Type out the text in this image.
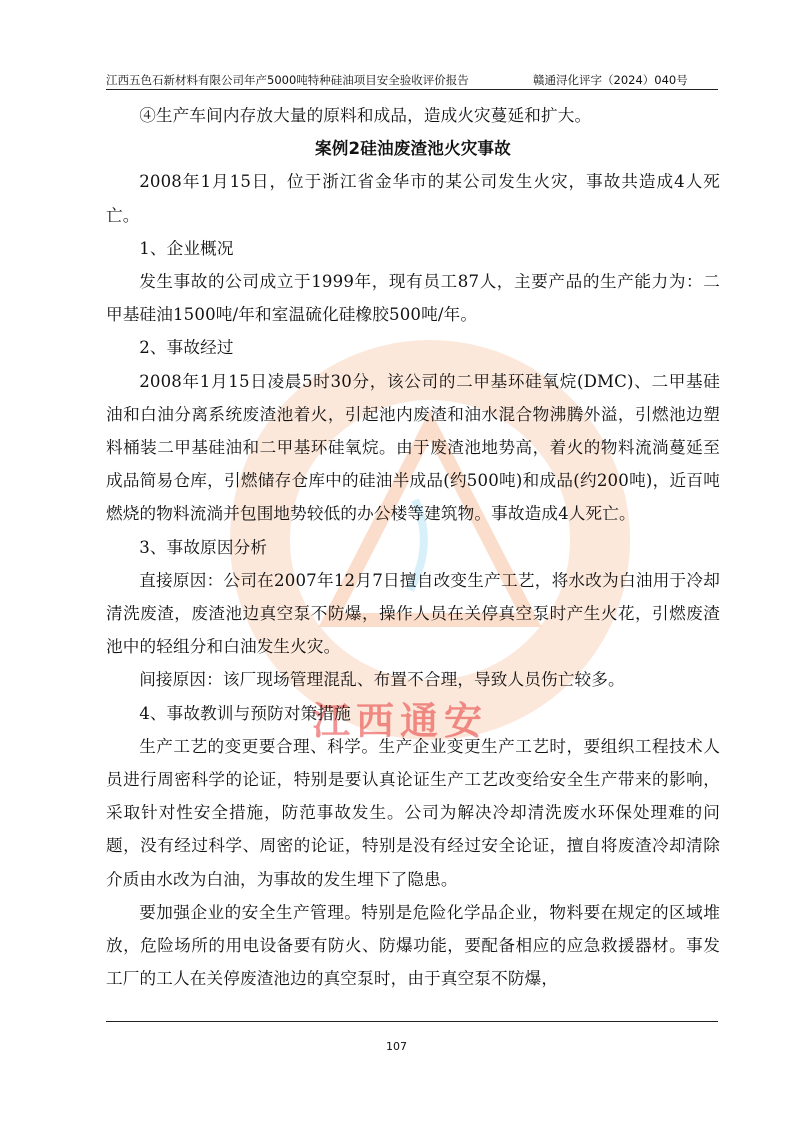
江西五色石新材料有限公司年产5000吨特种硅油项目安全验收评价报告	赣通浔化评字（2024）040号
江西通安

④生产车间内存放大量的原料和成品，造成火灾蔓延和扩大。

案例2硅油废渣池火灾事故

2008年1月15日，位于浙江省金华市的某公司发生火灾，事故共造成4人死亡。

1、企业概况

发生事故的公司成立于1999年，现有员工87人，主要产品的生产能力为：二甲基硅油1500吨/年和室温硫化硅橡胶500吨/年。

2、事故经过

2008年1月15日凌晨5时30分，该公司的二甲基环硅氧烷(DMC)、二甲基硅油和白油分离系统废渣池着火，引起池内废渣和油水混合物沸腾外溢，引燃池边塑料桶装二甲基硅油和二甲基环硅氧烷。由于废渣池地势高，着火的物料流淌蔓延至成品简易仓库，引燃储存仓库中的硅油半成品(约500吨)和成品(约200吨)，近百吨燃烧的物料流淌并包围地势较低的办公楼等建筑物。事故造成4人死亡。

3、事故原因分析

直接原因：公司在2007年12月7日擅自改变生产工艺，将水改为白油用于冷却清洗废渣，废渣池边真空泵不防爆，操作人员在关停真空泵时产生火花，引燃废渣池中的轻组分和白油发生火灾。

间接原因：该厂现场管理混乱、布置不合理，导致人员伤亡较多。

4、事故教训与预防对策措施

生产工艺的变更要合理、科学。生产企业变更生产工艺时，要组织工程技术人员进行周密科学的论证，特别是要认真论证生产工艺改变给安全生产带来的影响，采取针对性安全措施，防范事故发生。公司为解决冷却清洗废水环保处理难的问题，没有经过科学、周密的论证，特别是没有经过安全论证，擅自将废渣冷却清除介质由水改为白油，为事故的发生埋下了隐患。

要加强企业的安全生产管理。特别是危险化学品企业，物料要在规定的区域堆放，危险场所的用电设备要有防火、防爆功能，要配备相应的应急救援器材。事发工厂的工人在关停废渣池边的真空泵时，由于真空泵不防爆，

107
